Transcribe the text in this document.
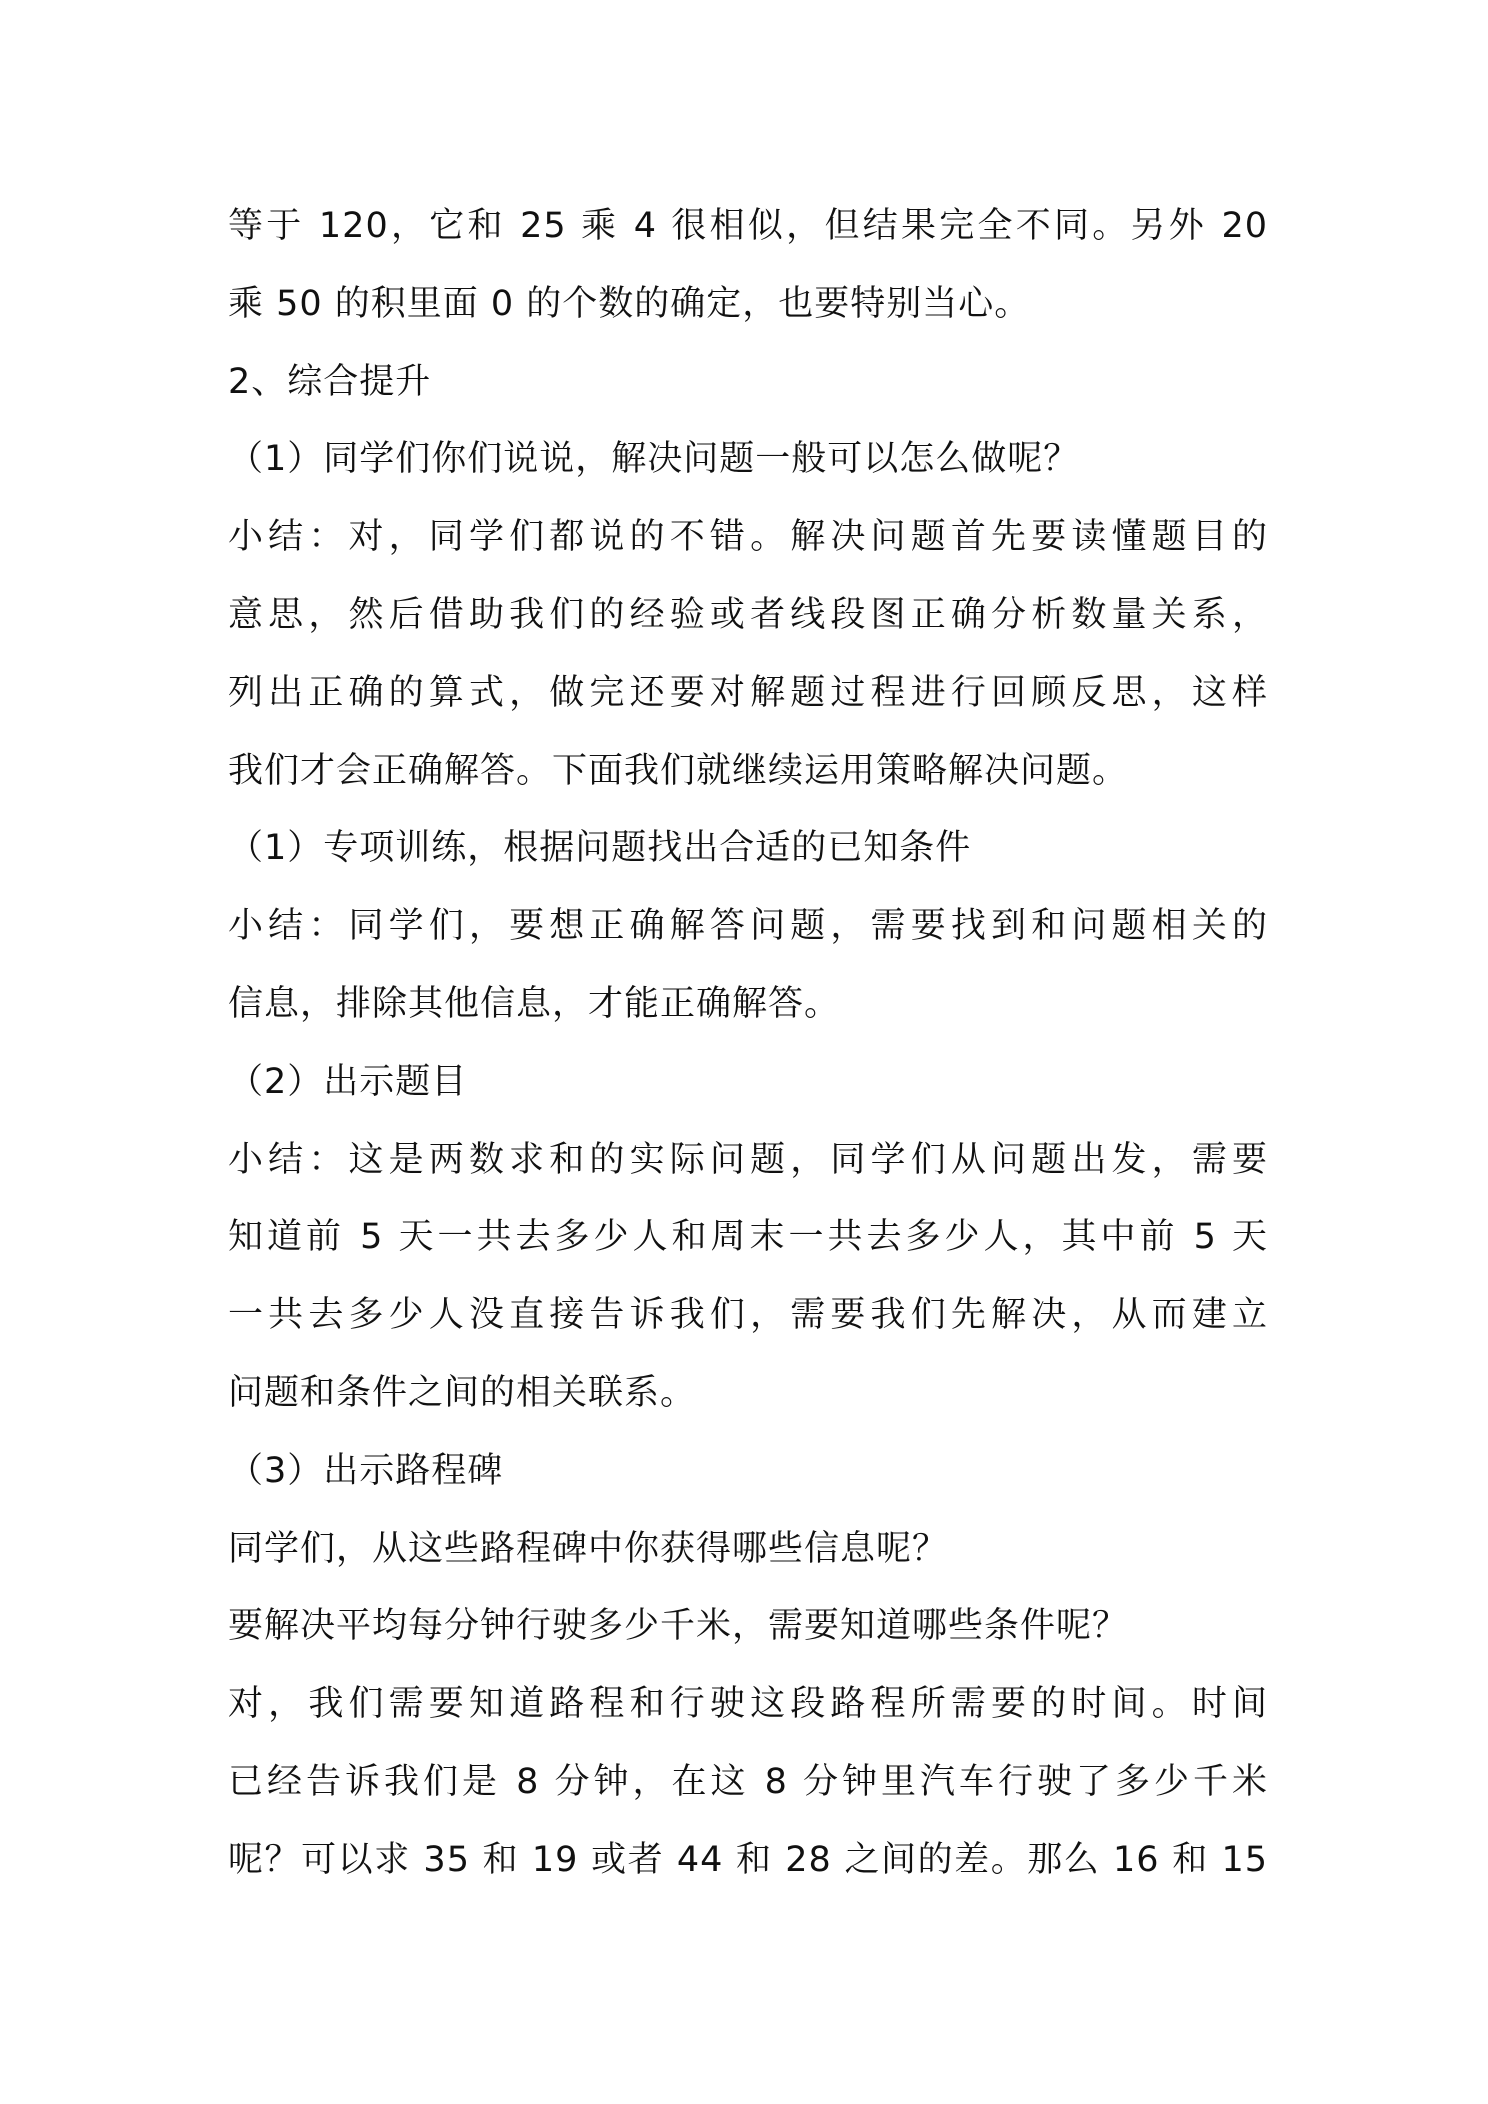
等于 120，它和 25 乘 4 很相似，但结果完全不同。另外 20
乘 50 的积里面 0 的个数的确定，也要特别当心。
2、综合提升
（1）同学们你们说说，解决问题一般可以怎么做呢？
小结：对，同学们都说的不错。解决问题首先要读懂题目的
意思，然后借助我们的经验或者线段图正确分析数量关系，
列出正确的算式，做完还要对解题过程进行回顾反思，这样
我们才会正确解答。下面我们就继续运用策略解决问题。
（1）专项训练，根据问题找出合适的已知条件
小结：同学们，要想正确解答问题，需要找到和问题相关的
信息，排除其他信息，才能正确解答。
（2）出示题目
小结：这是两数求和的实际问题，同学们从问题出发，需要
知道前 5 天一共去多少人和周末一共去多少人，其中前 5 天
一共去多少人没直接告诉我们，需要我们先解决，从而建立
问题和条件之间的相关联系。
（3）出示路程碑
同学们，从这些路程碑中你获得哪些信息呢？
要解决平均每分钟行驶多少千米，需要知道哪些条件呢？
对，我们需要知道路程和行驶这段路程所需要的时间。时间
已经告诉我们是 8 分钟，在这 8 分钟里汽车行驶了多少千米
呢？可以求 35 和 19 或者 44 和 28 之间的差。那么 16 和 15
